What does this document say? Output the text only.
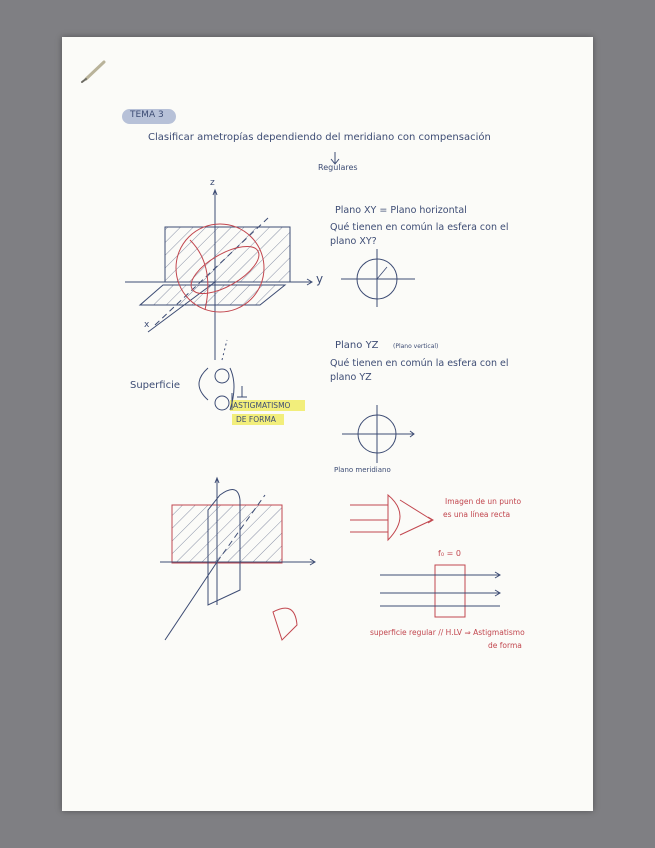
TEMA 3
Clasificar ametropías dependiendo del meridiano con compensación
Regulares
Plano XY = Plano horizontal
Qué tienen en común la esfera con el
plano XY?
Plano YZ (Plano vertical)
Qué tienen en común la esfera con el
plano YZ
Plano meridiano
Superficie
ASTIGMATISMO
DE FORMA
Imagen de un punto
es una línea recta
f₀ = 0
superficie regular // H.LV ⇒ Astigmatismo
de forma
z
y
x
